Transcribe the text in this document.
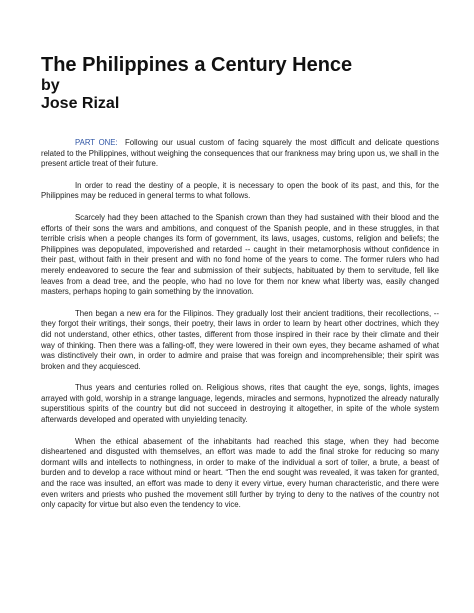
The Philippines a Century Hence
by
Jose Rizal

PART ONE: Following our usual custom of facing squarely the most difficult and delicate questions related to the Philippines, without weighing the consequences that our frankness may bring upon us, we shall in the present article treat of their future.

In order to read the destiny of a people, it is necessary to open the book of its past, and this, for the Philippines may be reduced in general terms to what follows.

Scarcely had they been attached to the Spanish crown than they had sustained with their blood and the efforts of their sons the wars and ambitions, and conquest of the Spanish people, and in these struggles, in that terrible crisis when a people changes its form of government, its laws, usages, customs, religion and beliefs; the Philippines was depopulated, impoverished and retarded -- caught in their metamorphosis without confidence in their past, without faith in their present and with no fond home of the years to come. The former rulers who had merely endeavored to secure the fear and submission of their subjects, habituated by them to servitude, fell like leaves from a dead tree, and the people, who had no love for them nor knew what liberty was, easily changed masters, perhaps hoping to gain something by the innovation.

Then began a new era for the Filipinos. They gradually lost their ancient traditions, their recollections, -- they forgot their writings, their songs, their poetry, their laws in order to learn by heart other doctrines, which they did not understand, other ethics, other tastes, different from those inspired in their race by their climate and their way of thinking. Then there was a falling-off, they were lowered in their own eyes, they became ashamed of what was distinctively their own, in order to admire and praise that was foreign and incomprehensible; their spirit was broken and they acquiesced.

Thus years and centuries rolled on. Religious shows, rites that caught the eye, songs, lights, images arrayed with gold, worship in a strange language, legends, miracles and sermons, hypnotized the already naturally superstitious spirits of the country but did not succeed in destroying it altogether, in spite of the whole system afterwards developed and operated with unyielding tenacity.

When the ethical abasement of the inhabitants had reached this stage, when they had become disheartened and disgusted with themselves, an effort was made to add the final stroke for reducing so many dormant wills and intellects to nothingness, in order to make of the individual a sort of toiler, a brute, a beast of burden and to develop a race without mind or heart. “Then the end sought was revealed, it was taken for granted, and the race was insulted, an effort was made to deny it every virtue, every human characteristic, and there were even writers and priests who pushed the movement still further by trying to deny to the natives of the country not only capacity for virtue but also even the tendency to vice.
